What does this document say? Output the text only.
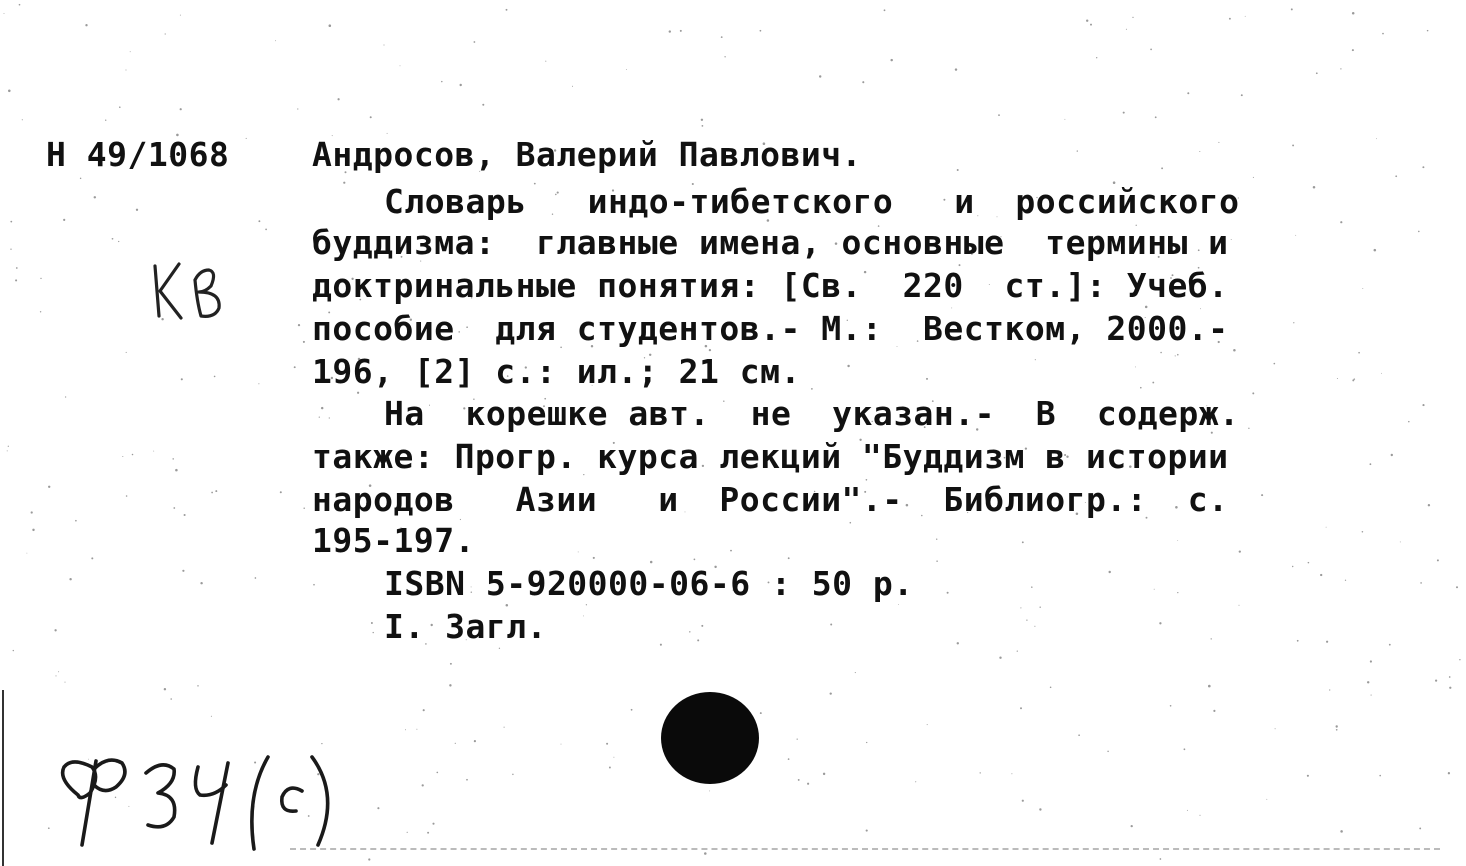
Н 49/1068	Андросов, Валерий Павлович.
Словарь   индо-тибетского   и  российского
буддизма:  главные имена, основные  термины и
доктринальные понятия: [Св.  220  ст.]: Учеб.
пособие  для студентов.- М.:  Вестком, 2000.-
196, [2] с.: ил.; 21 см.
На  корешке авт.  не  указан.-  В  содерж.
также: Прогр. курса лекций "Буддизм в истории
народов   Азии   и  России".-  Библиогр.:  с.
195-197.
ISBN 5-920000-06-6 : 50 р.
I. Загл.
